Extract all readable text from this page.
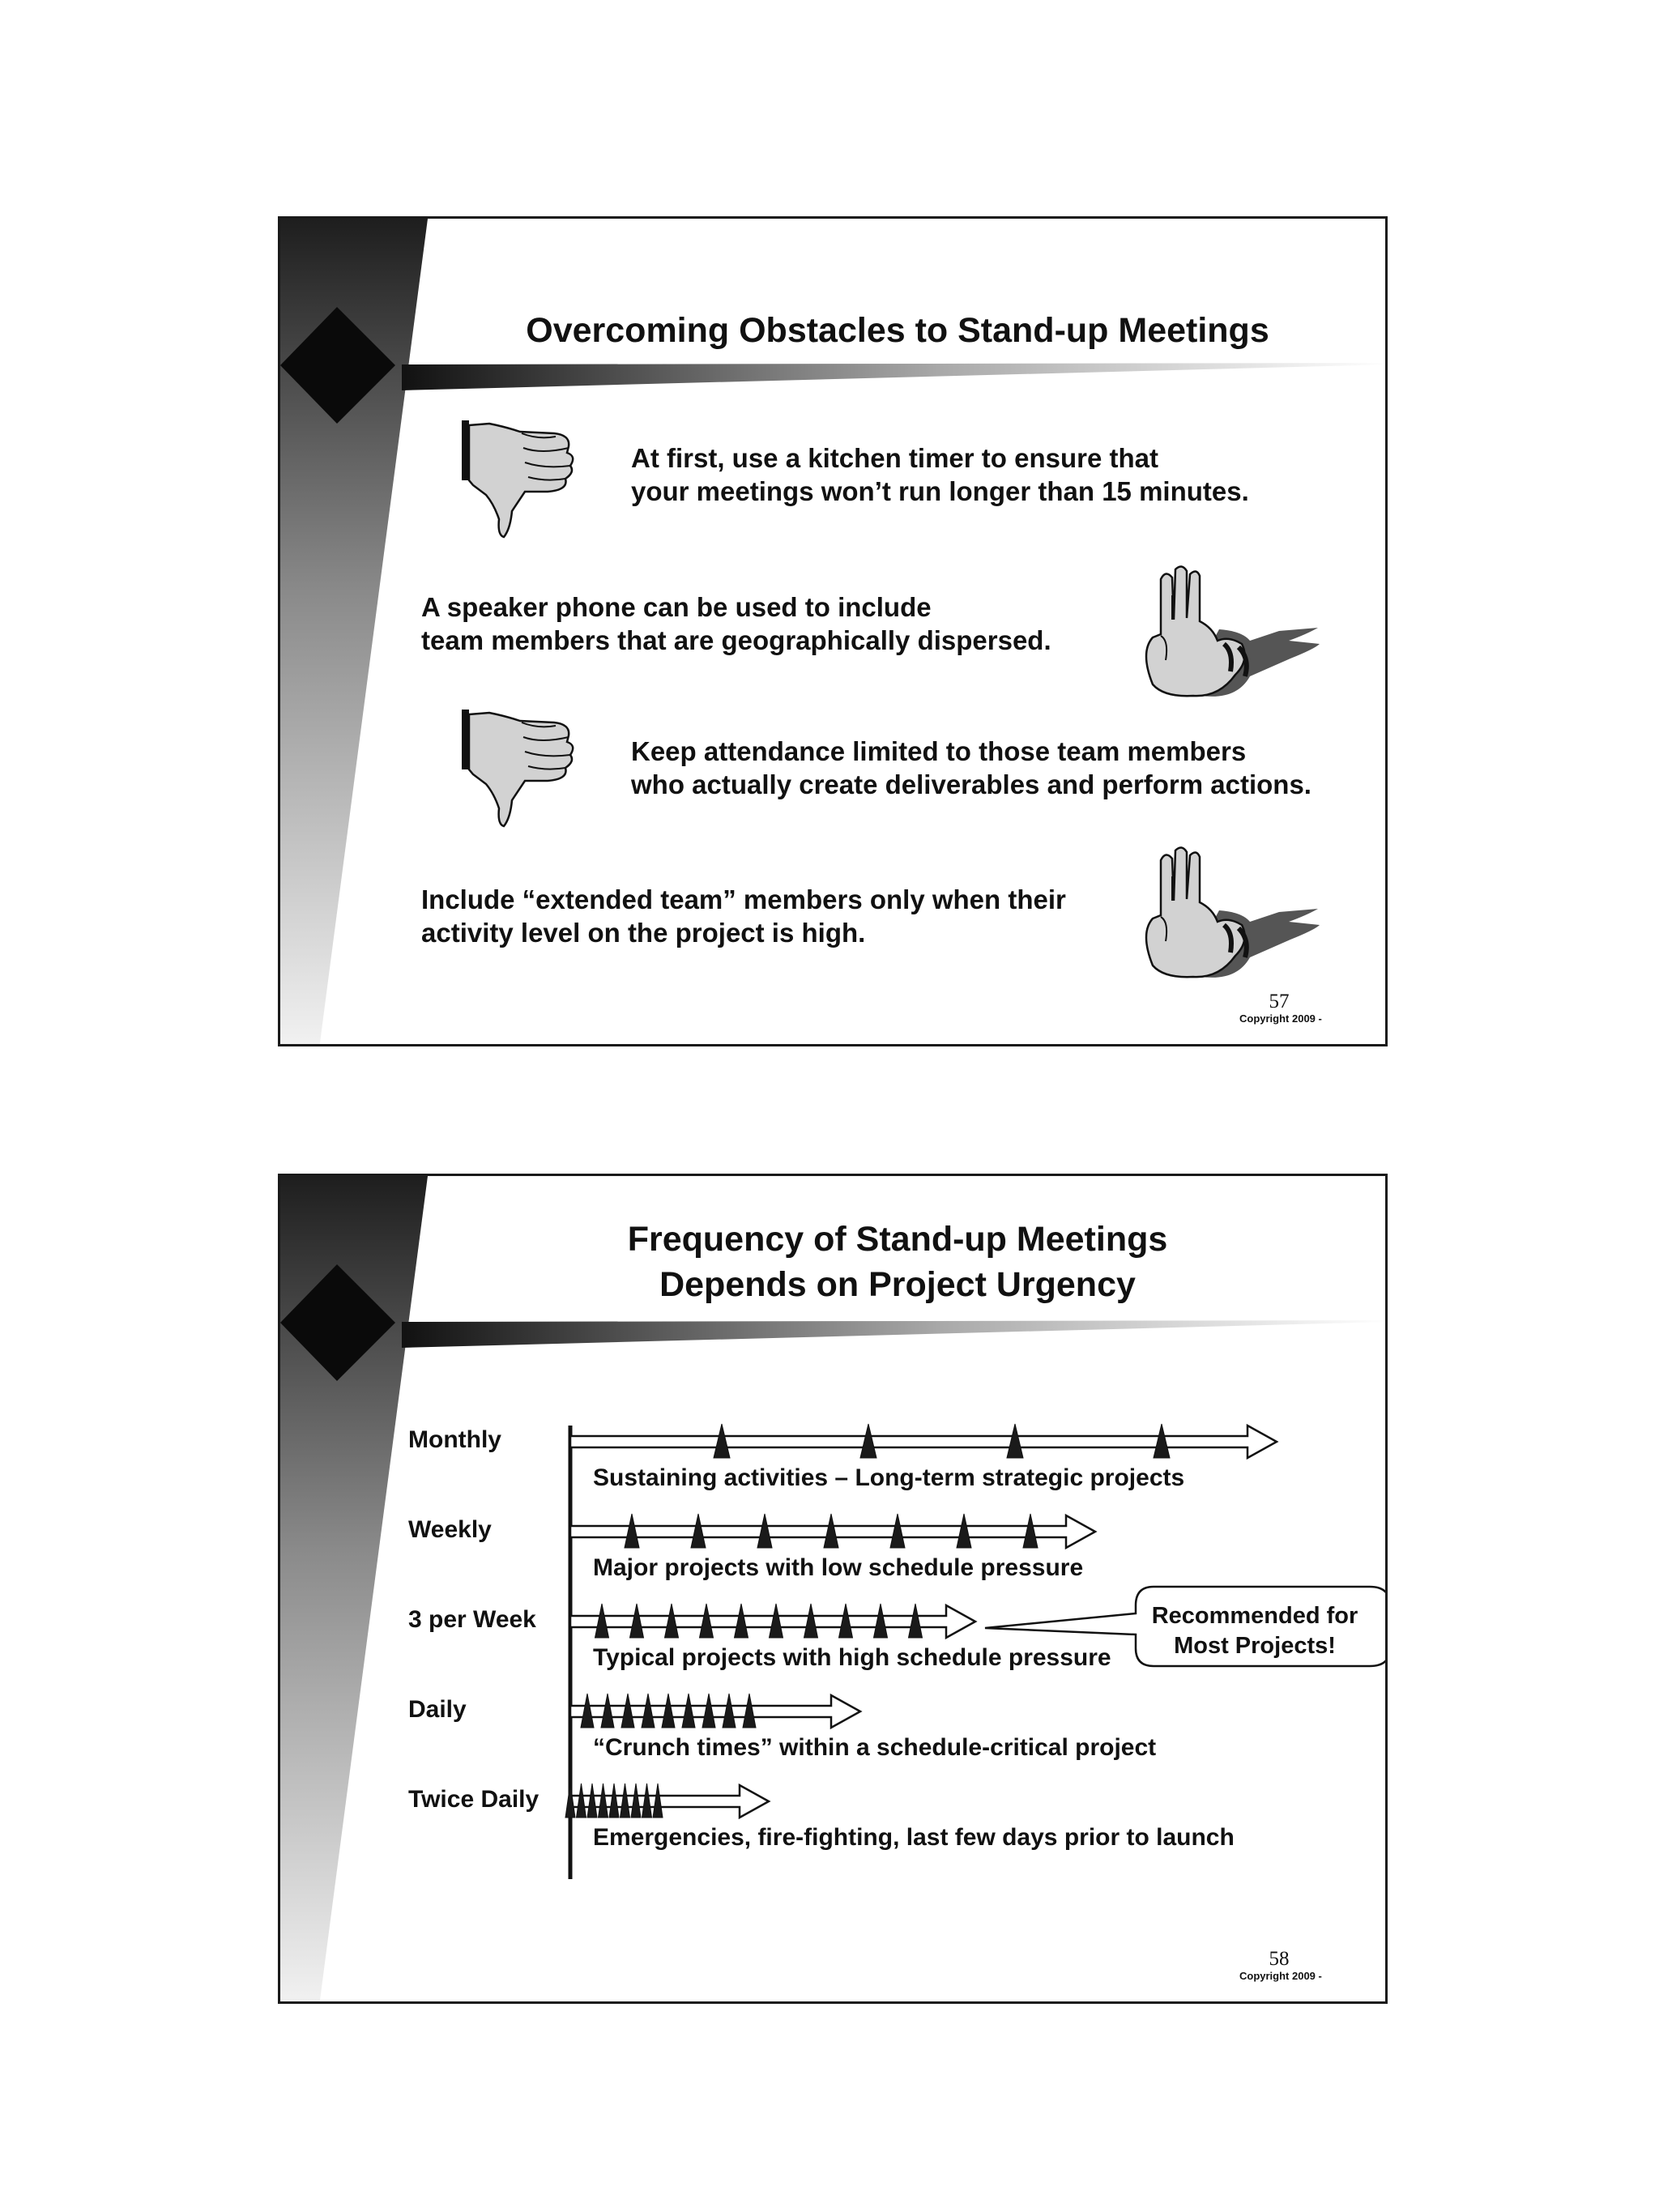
Overcoming Obstacles to Stand-up Meetings
At first, use a kitchen timer to ensure that
your meetings won’t run longer than 15 minutes.
A speaker phone can be used to include
team members that are geographically dispersed.
Keep attendance limited to those team members
who actually create deliverables and perform actions.
Include “extended team” members only when their
activity level on the project is high.
57
Copyright 2009 -
Frequency of Stand-up Meetings
Depends on Project Urgency
Monthly
Sustaining activities – Long-term strategic projects
Weekly
Major projects with low schedule pressure
3 per Week
Typical projects with high schedule pressure
Daily
“Crunch times” within a schedule-critical project
Twice Daily
Emergencies, fire-fighting, last few days prior to launch
Recommended for
Most Projects!
58
Copyright 2009 -
